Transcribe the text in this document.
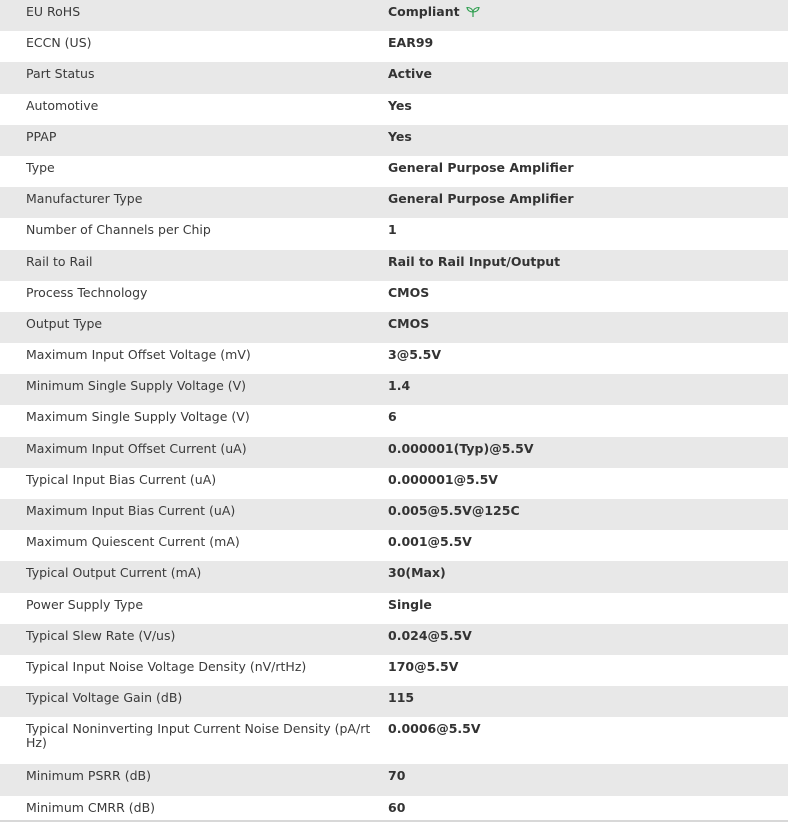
EU RoHS	Compliant
ECCN (US)	EAR99
Part Status	Active
Automotive	Yes
PPAP	Yes
Type	General Purpose Amplifier
Manufacturer Type	General Purpose Amplifier
Number of Channels per Chip	1
Rail to Rail	Rail to Rail Input/Output
Process Technology	CMOS
Output Type	CMOS
Maximum Input Offset Voltage (mV)	3@5.5V
Minimum Single Supply Voltage (V)	1.4
Maximum Single Supply Voltage (V)	6
Maximum Input Offset Current (uA)	0.000001(Typ)@5.5V
Typical Input Bias Current (uA)	0.000001@5.5V
Maximum Input Bias Current (uA)	0.005@5.5V@125C
Maximum Quiescent Current (mA)	0.001@5.5V
Typical Output Current (mA)	30(Max)
Power Supply Type	Single
Typical Slew Rate (V/us)	0.024@5.5V
Typical Input Noise Voltage Density (nV/rtHz)	170@5.5V
Typical Voltage Gain (dB)	115
Typical Noninverting Input Current Noise Density (pA/rt Hz)	0.0006@5.5V
Minimum PSRR (dB)	70
Minimum CMRR (dB)	60
